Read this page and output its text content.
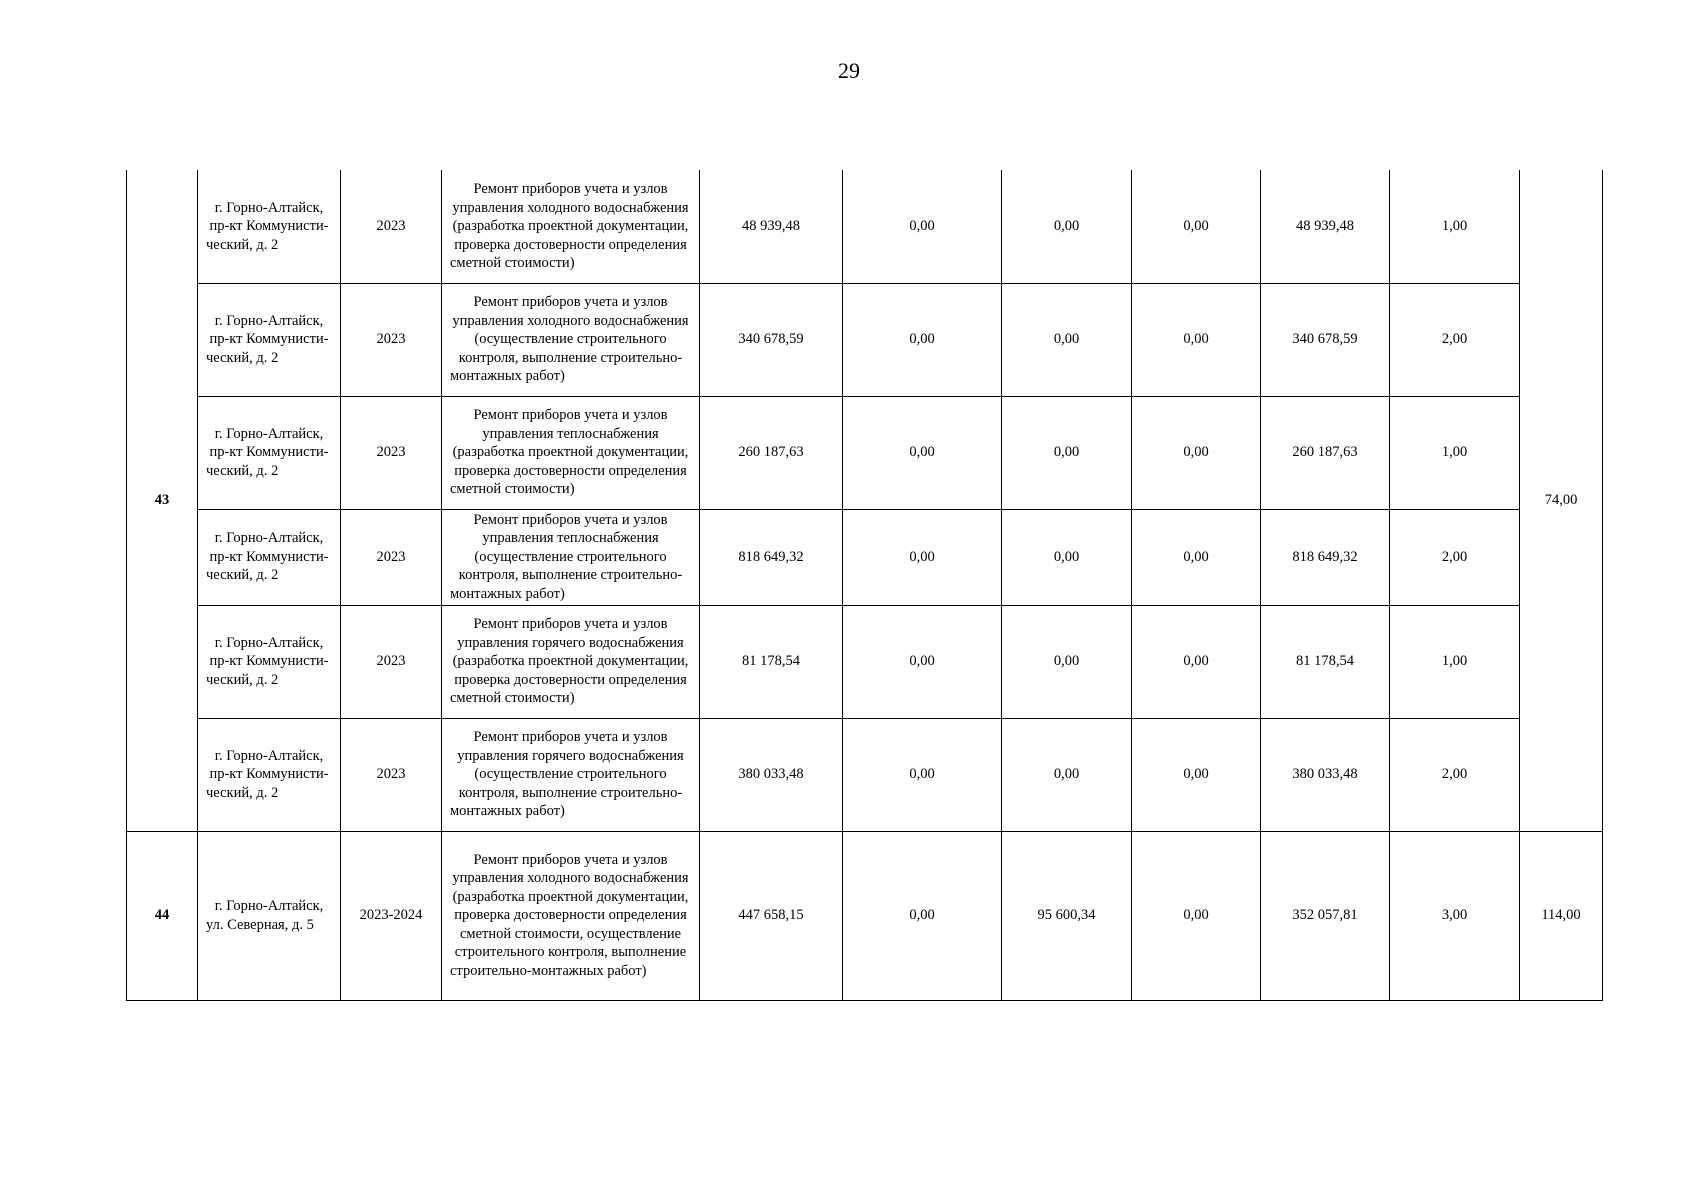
29
43	г. Горно-Алтайск, пр-кт Коммунисти-ческий, д. 2	2023	Ремонт приборов учета и узлов управления холодного водоснабжения (разработка проектной документации, проверка достоверности определения сметной стоимости)	48 939,48	0,00	0,00	0,00	48 939,48	1,00	74,00
	г. Горно-Алтайск, пр-кт Коммунисти-ческий, д. 2	2023	Ремонт приборов учета и узлов управления холодного водоснабжения (осуществление строительного контроля, выполнение строительно-монтажных работ)	340 678,59	0,00	0,00	0,00	340 678,59	2,00	
	г. Горно-Алтайск, пр-кт Коммунисти-ческий, д. 2	2023	Ремонт приборов учета и узлов управления теплоснабжения (разработка проектной документации, проверка достоверности определения сметной стоимости)	260 187,63	0,00	0,00	0,00	260 187,63	1,00	
	г. Горно-Алтайск, пр-кт Коммунисти-ческий, д. 2	2023	Ремонт приборов учета и узлов управления теплоснабжения (осуществление строительного контроля, выполнение строительно-монтажных работ)	818 649,32	0,00	0,00	0,00	818 649,32	2,00	
	г. Горно-Алтайск, пр-кт Коммунисти-ческий, д. 2	2023	Ремонт приборов учета и узлов управления горячего водоснабжения (разработка проектной документации, проверка достоверности определения сметной стоимости)	81 178,54	0,00	0,00	0,00	81 178,54	1,00	
	г. Горно-Алтайск, пр-кт Коммунисти-ческий, д. 2	2023	Ремонт приборов учета и узлов управления горячего водоснабжения (осуществление строительного контроля, выполнение строительно-монтажных работ)	380 033,48	0,00	0,00	0,00	380 033,48	2,00	
44	г. Горно-Алтайск, ул. Северная, д. 5	2023-2024	Ремонт приборов учета и узлов управления холодного водоснабжения (разработка проектной документации, проверка достоверности определения сметной стоимости, осуществление строительного контроля, выполнение строительно-монтажных работ)	447 658,15	0,00	95 600,34	0,00	352 057,81	3,00	114,00
